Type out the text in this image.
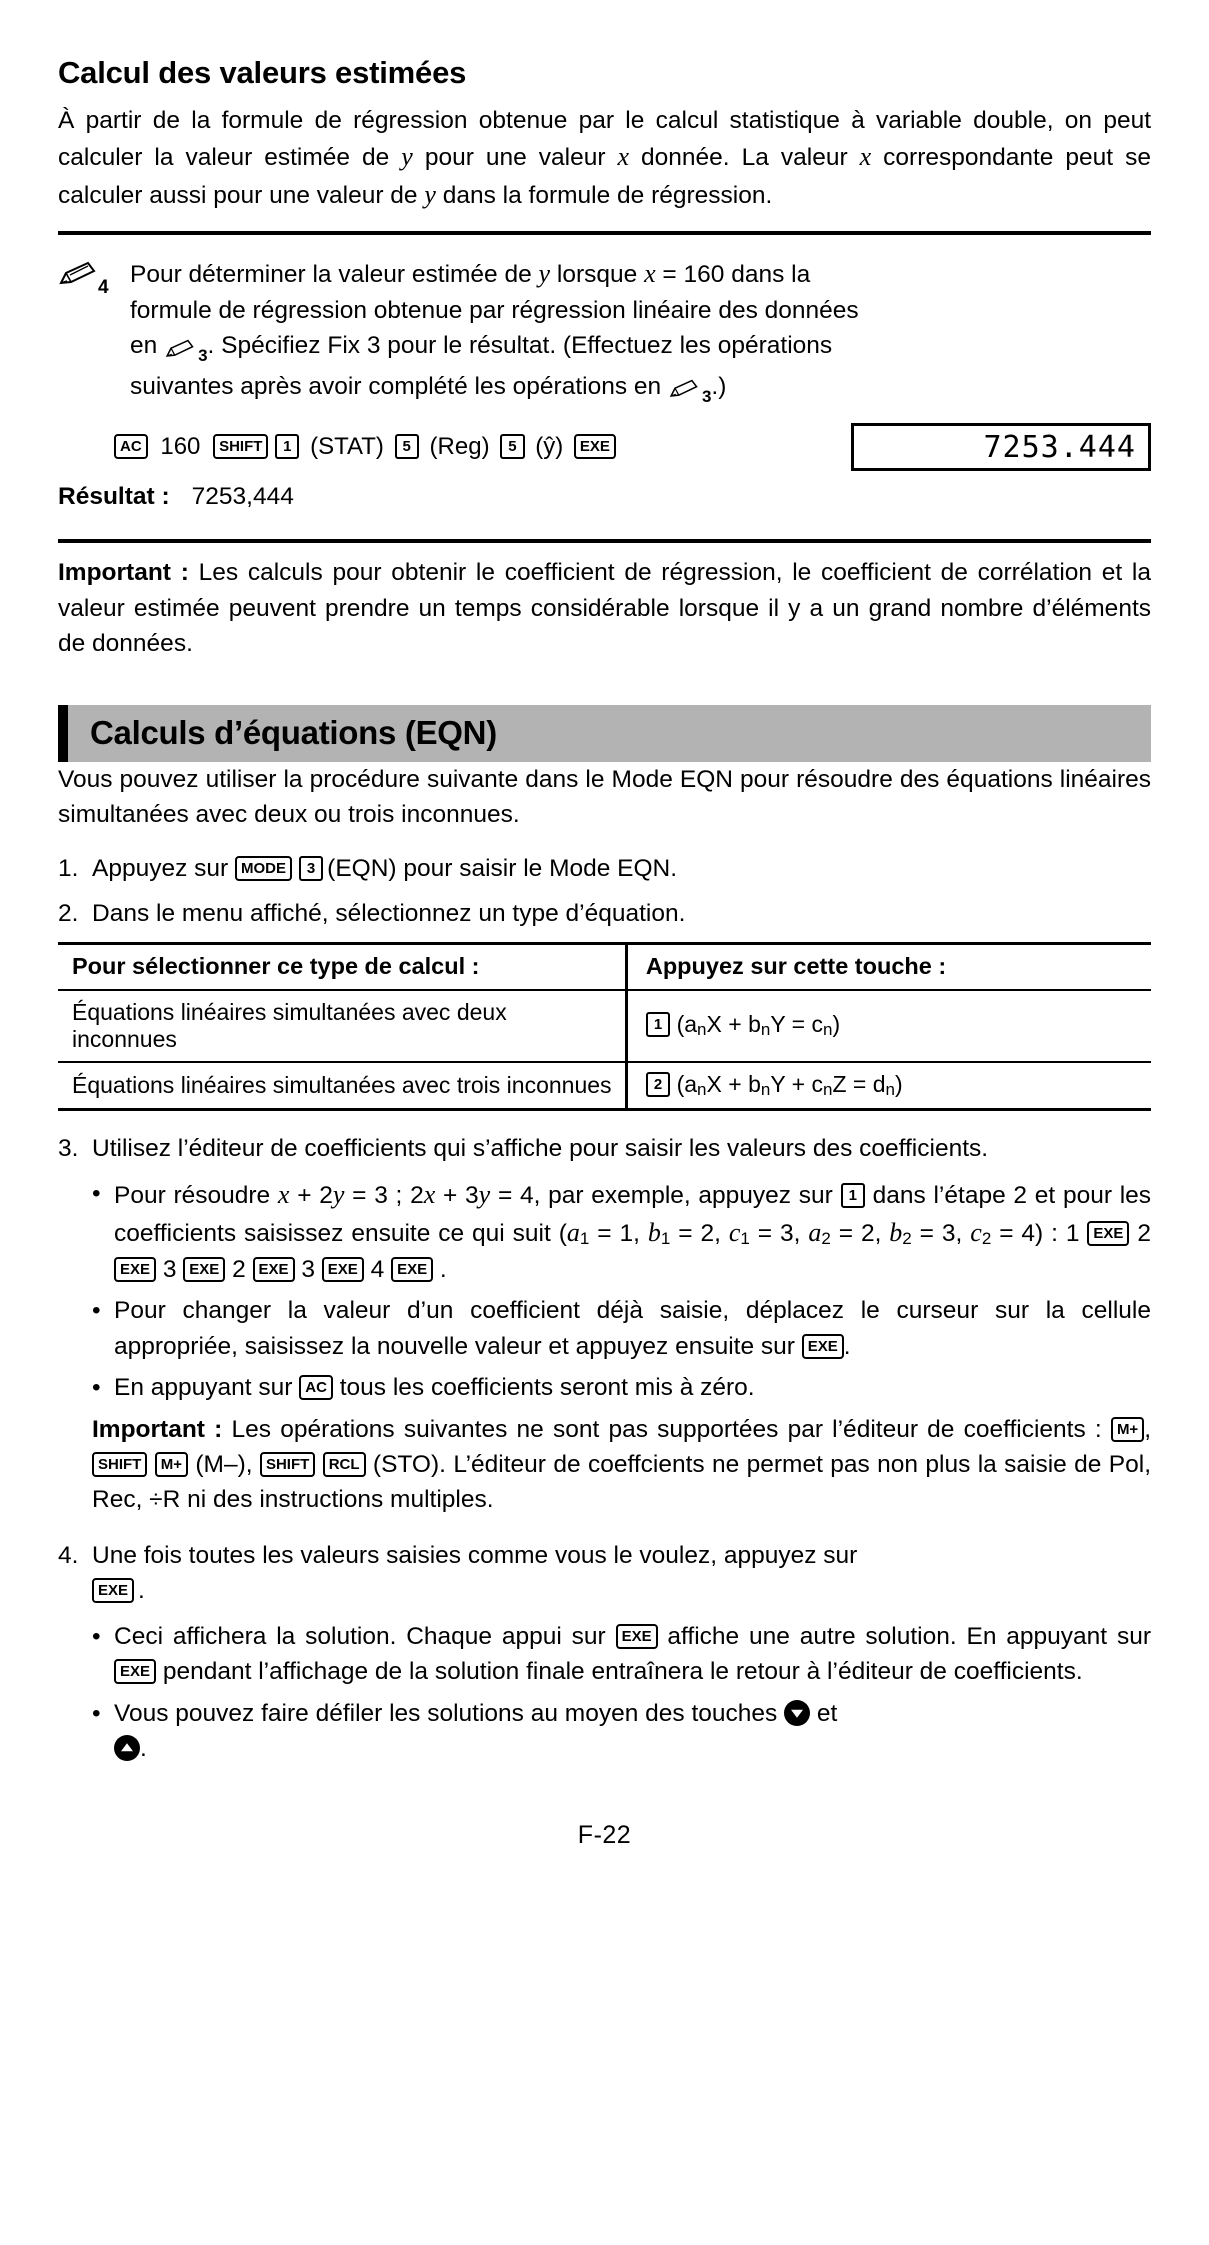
Calcul des valeurs estimées

À partir de la formule de régression obtenue par le calcul statistique à variable double, on peut calculer la valeur estimée de y pour une valeur x donnée. La valeur x correspondante peut se calculer aussi pour une valeur de y dans la formule de régression.

4 Pour déterminer la valeur estimée de y lorsque x = 160 dans la

formule de régression obtenue par régression linéaire des données

en $_3$. Spécifiez Fix 3 pour le résultat. (Effectuez les opérations

suivantes après avoir complété les opérations en $_3$.)

AC 160 SHIFT 1 (STAT) 5 (Reg) 5 (ŷ) EXE	7253.444
Résultat : 7253,444

Important : Les calculs pour obtenir le coefficient de régression, le coefficient de corrélation et la valeur estimée peuvent prendre un temps considérable lorsque il y a un grand nombre d’éléments de données.

Calculs d’équations (EQN)

Vous pouvez utiliser la procédure suivante dans le Mode EQN pour résoudre des équations linéaires simultanées avec deux ou trois inconnues.

1. Appuyez sur MODE 3 (EQN) pour saisir le Mode EQN.
2. Dans le menu affiché, sélectionnez un type d’équation.
Pour sélectionner ce type de calcul :	Appuyez sur cette touche :
Équations linéaires simultanées avec deux inconnues	1 (anX + bnY = cn)
Équations linéaires simultanées avec trois inconnues	2 (anX + bnY + cnZ = dn)
3. Utilisez l’éditeur de coefficients qui s’affiche pour saisir les valeurs des coefficients.
• Pour résoudre x + 2y = 3 ; 2x + 3y = 4, par exemple, appuyez sur 1 dans l’étape 2 et pour les coefficients saisissez ensuite ce qui suit (a1 = 1, b1 = 2, c1 = 3, a2 = 2, b2 = 3, c2 = 4) : 1 EXE 2 EXE 3 EXE 2 EXE 3 EXE 4 EXE .
• Pour changer la valeur d’un coefficient déjà saisie, déplacez le curseur sur la cellule appropriée, saisissez la nouvelle valeur et appuyez ensuite sur EXE .
• En appuyant sur AC tous les coefficients seront mis à zéro.

Important : Les opérations suivantes ne sont pas supportées par l’éditeur de coefficients : M+ , SHIFT M+ (M–), SHIFT RCL (STO). L’éditeur de coeffcients ne permet pas non plus la saisie de Pol, Rec, ÷R ni des instructions multiples.

4. Une fois toutes les valeurs saisies comme vous le voulez, appuyez sur
EXE .
• Ceci affichera la solution. Chaque appui sur EXE affiche une autre solution. En appuyant sur EXE pendant l’affichage de la solution finale entraînera le retour à l’éditeur de coefficients.
• Vous pouvez faire défiler les solutions au moyen des touches et
.
F-22
